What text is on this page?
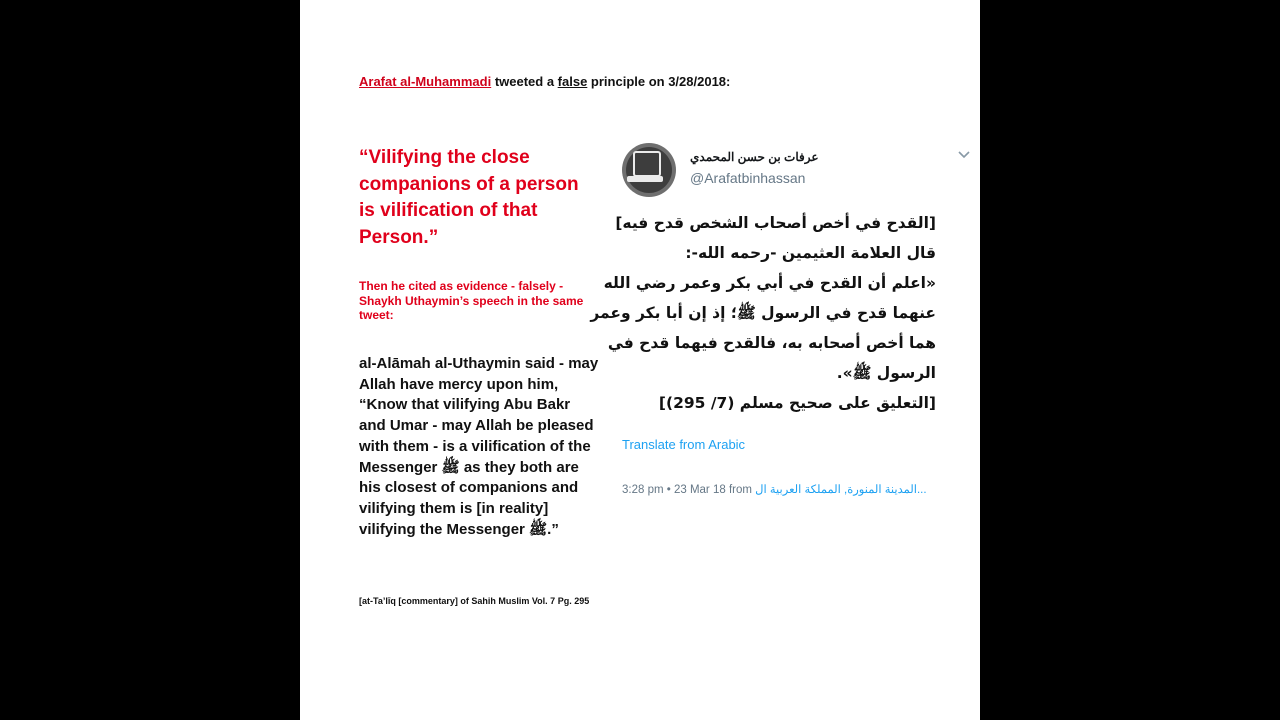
Arafat al-Muhammadi tweeted a false principle on 3/28/2018:
“Vilifying the close companions of a person is vilification of that Person.”
Then he cited as evidence - falsely - Shaykh Uthaymin’s speech in the same tweet:
al-Alāmah al-Uthaymin said - may Allah have mercy upon him, “Know that vilifying Abu Bakr and Umar - may Allah be pleased with them - is a vilification of the Messenger ﷺ as they both are his closest of companions and vilifying them is [in reality] vilifying the Messenger ﷺ.”
[at-Ta’līq [commentary] of Sahih Muslim Vol. 7 Pg. 295
عرفات بن حسن المحمدي
@Arafatbinhassan
[القدح في أخص أصحاب الشخص قدح فيه]
قال العلامة العثيمين -رحمه الله-:
«اعلم أن القدح في أبي بكر وعمر رضي الله
عنهما قدح في الرسول ﷺ؛ إذ إن أبا بكر وعمر
هما أخص أصحابه به، فالقدح فيهما قدح في
الرسول ﷺ».
[التعليق على صحيح مسلم (7/ 295)]
Translate from Arabic
3:28 pm • 23 Mar 18 from المدينة المنورة, المملكة العربية ال...
